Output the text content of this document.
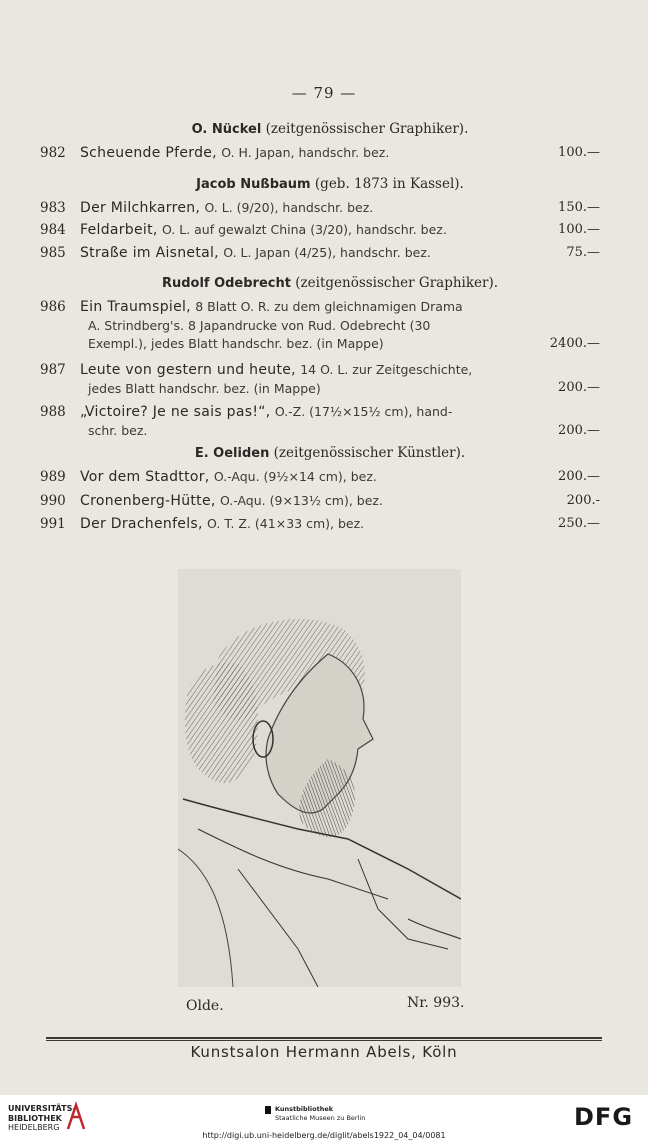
— 79 —
O. Nückel (zeitgenössischer Graphiker).
982	Scheuende Pferde, O. H. Japan, handschr. bez.	100.—
Jacob Nußbaum (geb. 1873 in Kassel).
983	Der Milchkarren, O. L. (9/20), handschr. bez.	150.—
984	Feldarbeit, O. L. auf gewalzt China (3/20), handschr. bez.	100.—
985	Straße im Aisnetal, O. L. Japan (4/25), handschr. bez.	75.—
Rudolf Odebrecht (zeitgenössischer Graphiker).
986	Ein Traumspiel, 8 Blatt O. R. zu dem gleichnamigen Drama
A. Strindberg's. 8 Japandrucke von Rud. Odebrecht (30
Exempl.), jedes Blatt handschr. bez. (in Mappe)	2400.—
987	Leute von gestern und heute, 14 O. L. zur Zeitgeschichte,
jedes Blatt handschr. bez. (in Mappe)	200.—
988	„Victoire? Je ne sais pas!“, O.-Z. (17½×15½ cm), hand-
schr. bez.	200.—
E. Oeliden (zeitgenössischer Künstler).
989	Vor dem Stadttor, O.-Aqu. (9½×14 cm), bez.	200.—
990	Cronenberg-Hütte, O.-Aqu. (9×13½ cm), bez.	200.-
991	Der Drachenfels, O. T. Z. (41×33 cm), bez.	250.—
Olde.	Nr. 993.
Kunstsalon Hermann Abels, Köln
UNIVERSITÄTS-
BIBLIOTHEK
HEIDELBERG
Kunstbibliothek
Staatliche Museen zu Berlin	DFG
http://digi.ub.uni-heidelberg.de/diglit/abels1922_04_04/0081
